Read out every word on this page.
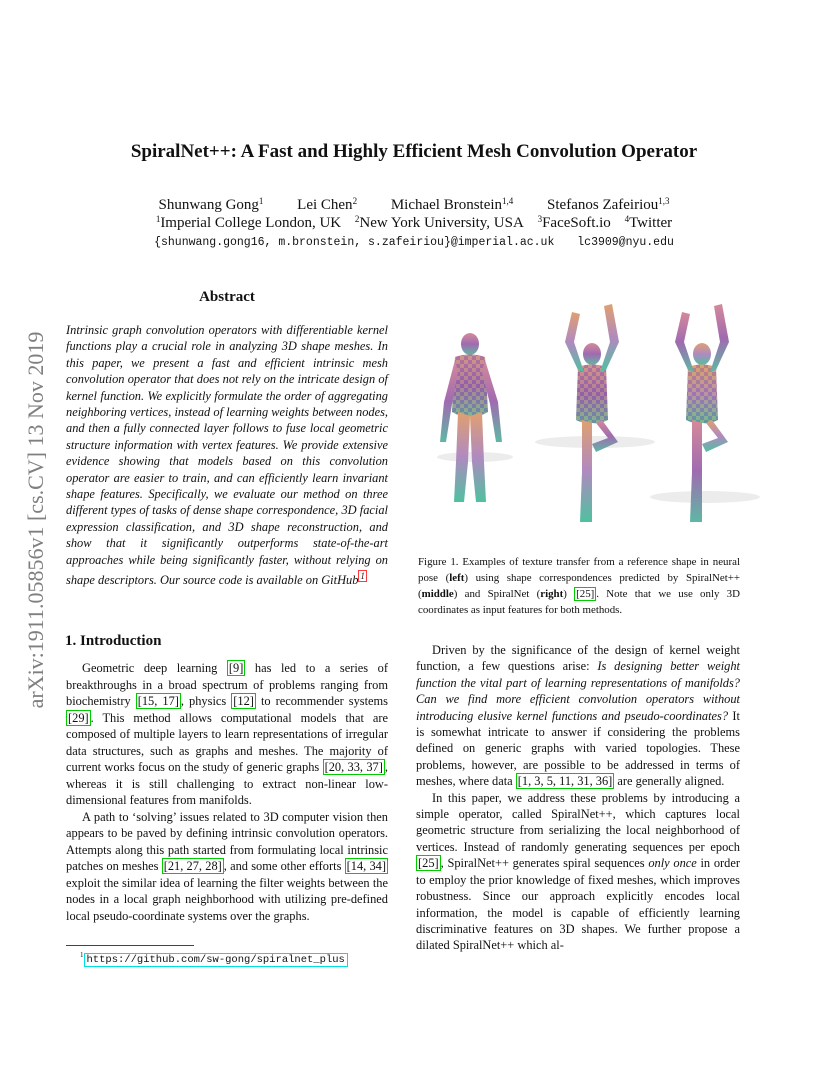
SpiralNet++: A Fast and Highly Efficient Mesh Convolution Operator
Shunwang Gong$^1$ Lei Chen$^2$ Michael Bronstein$^{1,4}$ Stefanos Zafeiriou$^{1,3}$
$^1$Imperial College London, UK $^2$New York University, USA $^3$FaceSoft.io $^4$Twitter
{shunwang.gong16, m.bronstein, s.zafeiriou}@imperial.ac.uk lc3909@nyu.edu
arXiv:1911.05856v1 [cs.CV] 13 Nov 2019
Abstract
Intrinsic graph convolution operators with differentiable kernel functions play a crucial role in analyzing 3D shape meshes. In this paper, we present a fast and efficient intrinsic mesh convolution operator that does not rely on the intricate design of kernel function. We explicitly formulate the order of aggregating neighboring vertices, instead of learning weights between nodes, and then a fully connected layer follows to fuse local geometric structure information with vertex features. We provide extensive evidence showing that models based on this convolution operator are easier to train, and can efficiently learn invariant shape features. Specifically, we evaluate our method on three different types of tasks of dense shape correspondence, 3D facial expression classification, and 3D shape reconstruction, and show that it significantly outperforms state-of-the-art approaches while being significantly faster, without relying on shape descriptors. Our source code is available on GitHub $^1$
1. Introduction

Geometric deep learning [9] has led to a series of breakthroughs in a broad spectrum of problems ranging from biochemistry [15, 17] , physics [12] to recommender systems [29] . This method allows computational models that are composed of multiple layers to learn representations of irregular data structures, such as graphs and meshes. The majority of current works focus on the study of generic graphs [20, 33, 37] , whereas it is still challenging to extract non-linear low-dimensional features from manifolds.

A path to ‘solving’ issues related to 3D computer vision then appears to be paved by defining intrinsic convolution operators. Attempts along this path started from formulating local intrinsic patches on meshes [21, 27, 28] , and some other efforts [14, 34] exploit the similar idea of learning the filter weights between the nodes in a local graph neighborhood with utilizing pre-defined local pseudo-coordinate systems over the graphs.

$^1$ https://github.com/sw-gong/spiralnet_plus
Figure 1. Examples of texture transfer from a reference shape in neural pose (left) using shape correspondences predicted by SpiralNet++ (middle) and SpiralNet (right) [25] . Note that we use only 3D coordinates as input features for both methods.

Driven by the significance of the design of kernel weight function, a few questions arise: Is designing better weight function the vital part of learning representations of manifolds? Can we find more efficient convolution operators without introducing elusive kernel functions and pseudo-coordinates? It is somewhat intricate to answer if considering the problems defined on generic graphs with varied topologies. These problems, however, are possible to be addressed in terms of meshes, where data [1, 3, 5, 11, 31, 36] are generally aligned.

In this paper, we address these problems by introducing a simple operator, called SpiralNet++, which captures local geometric structure from serializing the local neighborhood of vertices. Instead of randomly generating sequences per epoch [25] , SpiralNet++ generates spiral sequences only once in order to employ the prior knowledge of fixed meshes, which improves robustness. Since our approach explicitly encodes local information, the model is capable of efficiently learning discriminative features on 3D shapes. We further propose a dilated SpiralNet++ which al-
